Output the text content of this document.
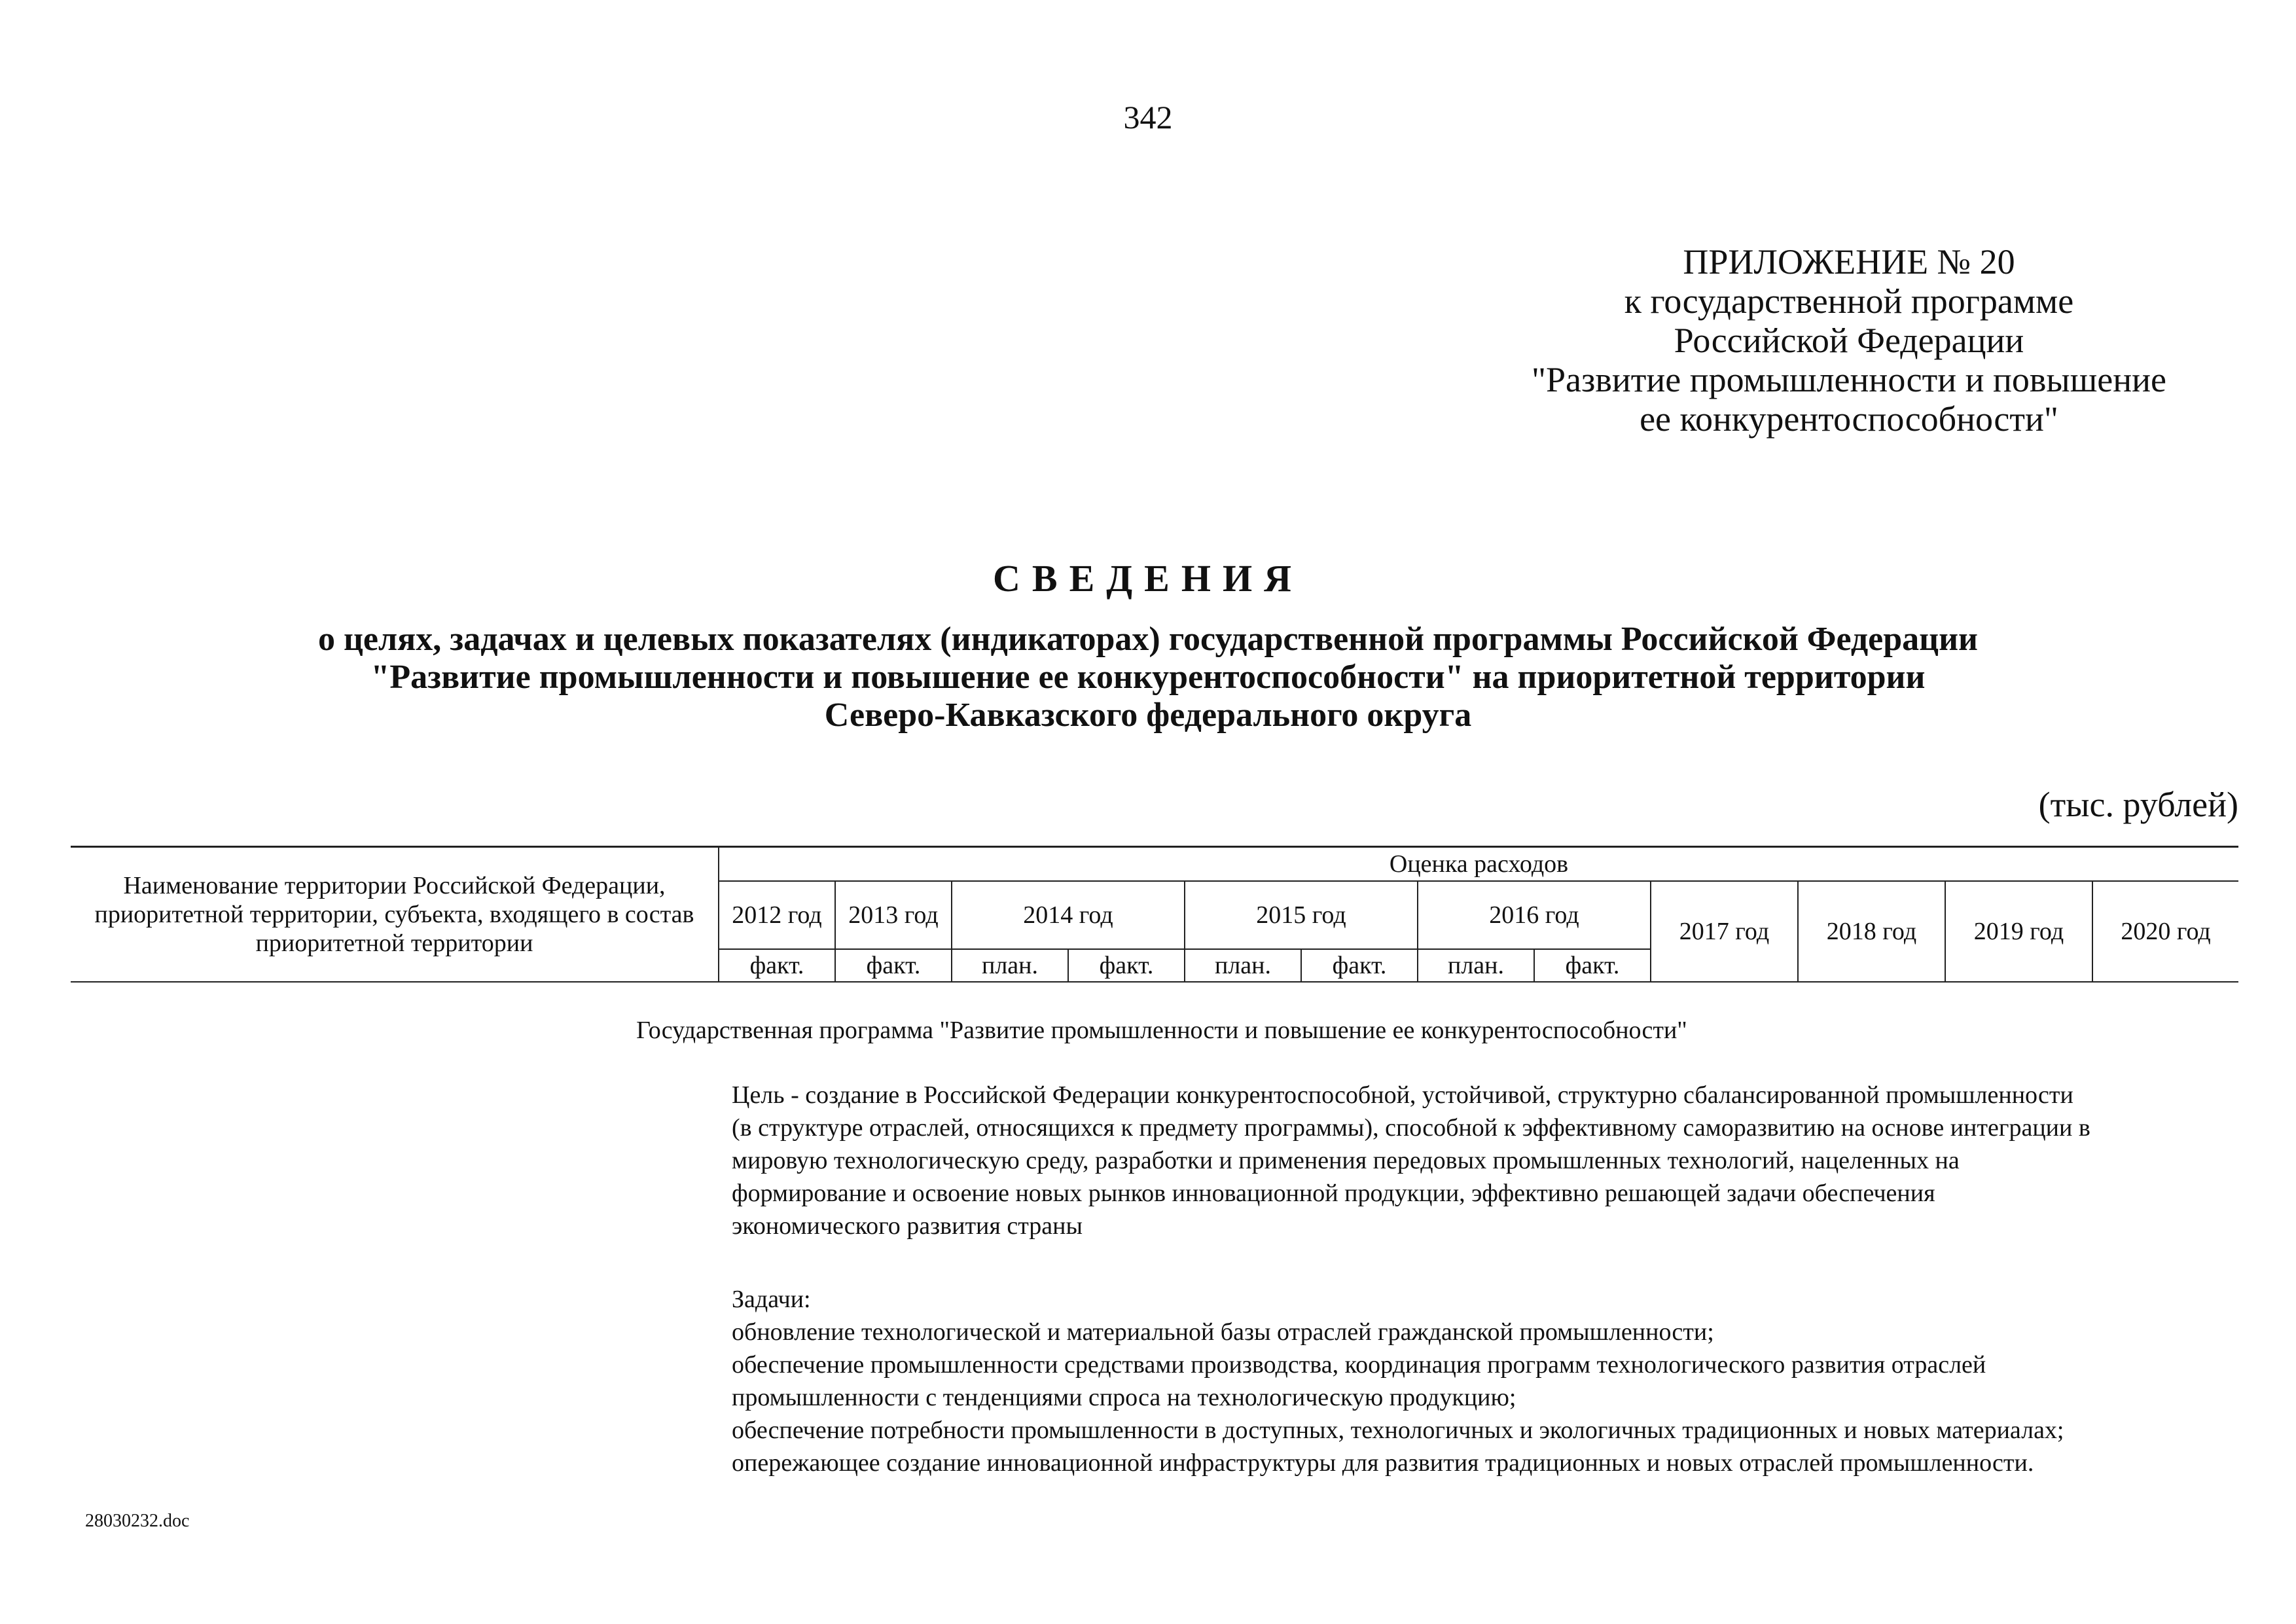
342
ПРИЛОЖЕНИЕ № 20
к государственной программе
Российской Федерации
"Развитие промышленности и повышение
ее конкурентоспособности"
СВЕДЕНИЯ
о целях, задачах и целевых показателях (индикаторах) государственной программы Российской Федерации
"Развитие промышленности и повышение ее конкурентоспособности" на приоритетной территории
Северо-Кавказского федерального округа
(тыс. рублей)
Наименование территории Российской Федерации, приоритетной территории, субъекта, входящего в состав приоритетной территории	Оценка расходов											
	2012 год	2013 год	2014 год		2015 год		2016 год		2017 год	2018 год	2019 год	2020 год
	факт.	факт.	план.	факт.	план.	факт.	план.	факт.				
Государственная программа "Развитие промышленности и повышение ее конкурентоспособности"
Цель - создание в Российской Федерации конкурентоспособной, устойчивой, структурно сбалансированной промышленности
(в структуре отраслей, относящихся к предмету программы), способной к эффективному саморазвитию на основе интеграции в
мировую технологическую среду, разработки и применения передовых промышленных технологий, нацеленных на
формирование и освоение новых рынков инновационной продукции, эффективно решающей задачи обеспечения
экономического развития страны
Задачи:
обновление технологической и материальной базы отраслей гражданской промышленности;
обеспечение промышленности средствами производства, координация программ технологического развития отраслей
промышленности с тенденциями спроса на технологическую продукцию;
обеспечение потребности промышленности в доступных, технологичных и экологичных традиционных и новых материалах;
опережающее создание инновационной инфраструктуры для развития традиционных и новых отраслей промышленности.
28030232.doc
